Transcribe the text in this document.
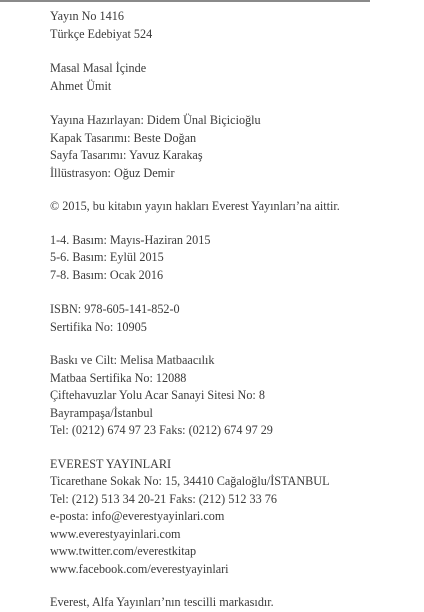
Yayın No 1416
Türkçe Edebiyat 524
Masal Masal İçinde
Ahmet Ümit
Yayına Hazırlayan: Didem Ünal Biçicioğlu
Kapak Tasarımı: Beste Doğan
Sayfa Tasarımı: Yavuz Karakaş
İllüstrasyon: Oğuz Demir
© 2015, bu kitabın yayın hakları Everest Yayınları’na aittir.
1-4. Basım: Mayıs-Haziran 2015
5-6. Basım: Eylül 2015
7-8. Basım: Ocak 2016
ISBN: 978-605-141-852-0
Sertifika No: 10905
Baskı ve Cilt: Melisa Matbaacılık
Matbaa Sertifika No: 12088
Çiftehavuzlar Yolu Acar Sanayi Sitesi No: 8
Bayrampaşa/İstanbul
Tel: (0212) 674 97 23 Faks: (0212) 674 97 29
EVEREST YAYINLARI
Ticarethane Sokak No: 15, 34410 Cağaloğlu/İSTANBUL
Tel: (212) 513 34 20-21 Faks: (212) 512 33 76
e-posta: info@everestyayinlari.com
www.everestyayinlari.com
www.twitter.com/everestkitap
www.facebook.com/everestyayinlari
Everest, Alfa Yayınları’nın tescilli markasıdır.
